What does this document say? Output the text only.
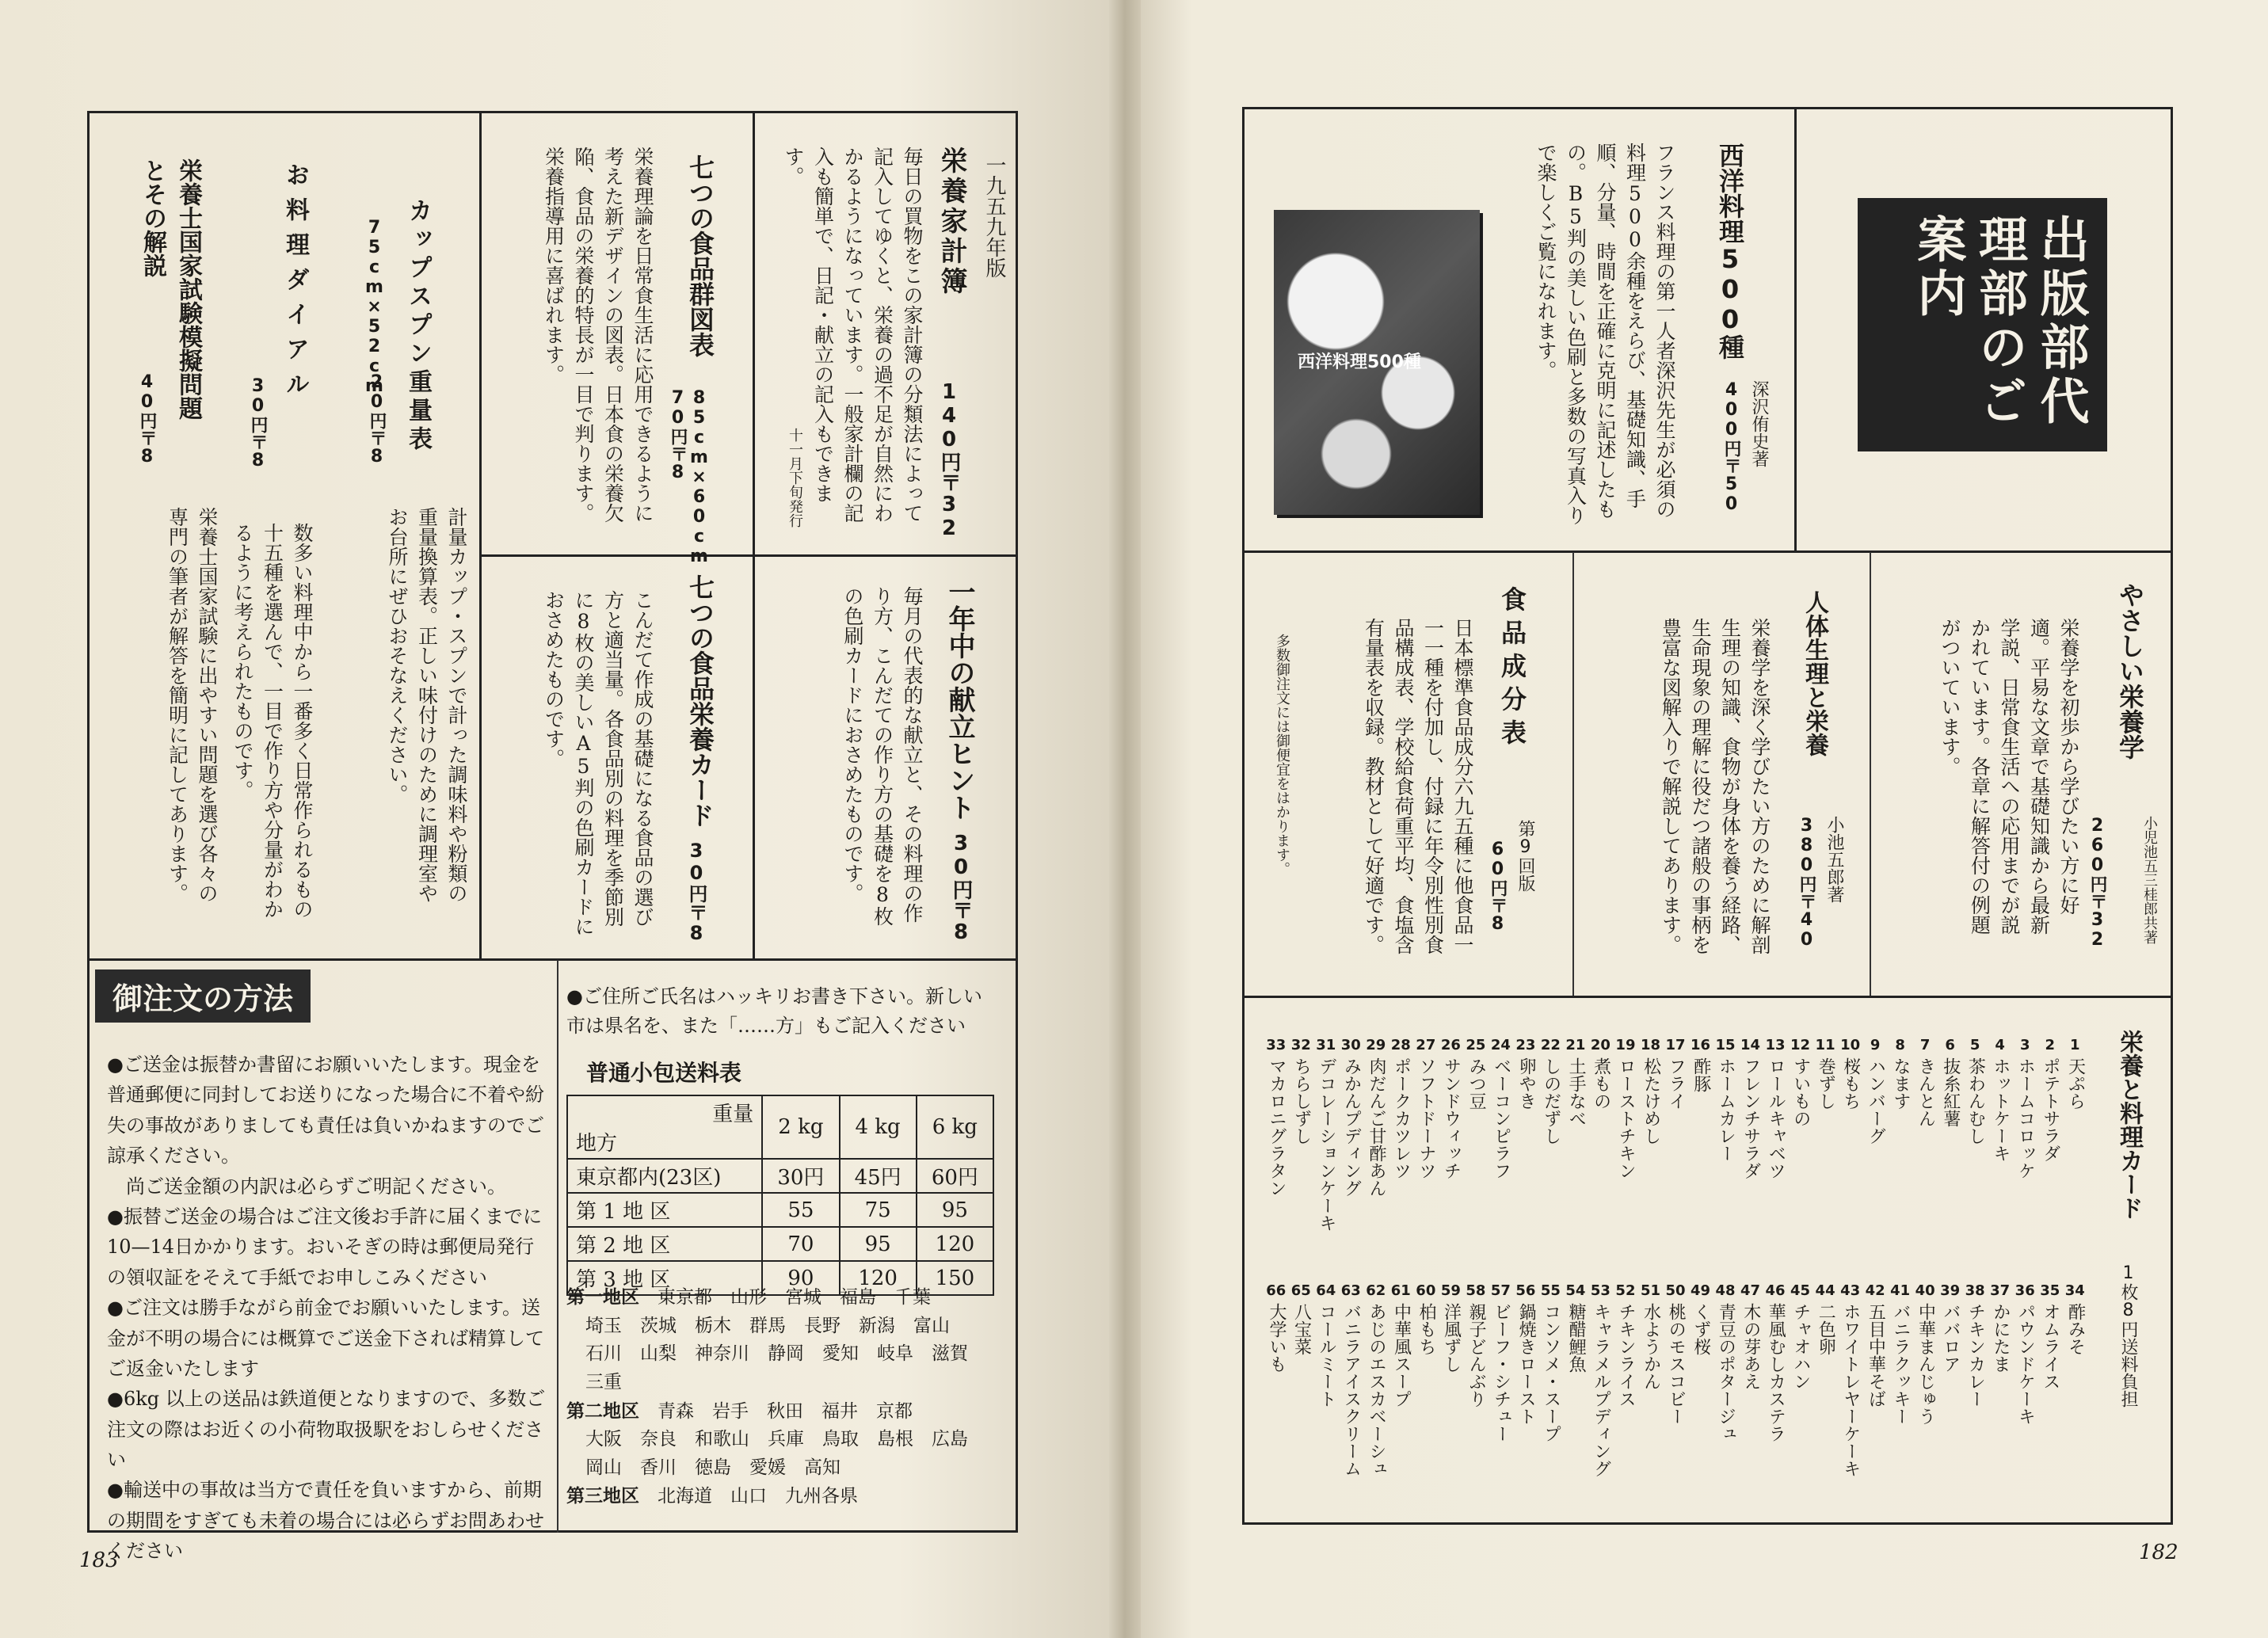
一九五九年版
栄養家計簿
140円〒32
毎日の買物をこの家計簿の分類法によって記入してゆくと、栄養の過不足が自然にわかるようになっています。一般家計欄の記入も簡単で、日記・献立の記入もできます。
十一月下旬発行
一年中の献立ヒント
30円〒8
毎月の代表的な献立と、その料理の作り方、こんだての作り方の基礎を8枚の色刷カードにおさめたものです。
七つの食品群図表
85cm×60cm
70円〒8
栄養理論を日常食生活に応用できるように考えた新デザインの図表。日本食の栄養欠陥、食品の栄養的特長が一目で判ります。栄養指導用に喜ばれます。
七つの食品栄養カード
30円〒8
こんだて作成の基礎になる食品の選び方と適当量。各食品別の料理を季節別に8枚の美しいA5判の色刷カードにおさめたものです。
カップスプン重量表
75cm×52cm
20円〒8
計量カップ・スプンで計った調味料や粉類の重量換算表。正しい味付けのために調理室やお台所にぜひおそなえください。
お料理ダイアル
30円〒8
数多い料理中から一番多く日常作られるもの十五種を選んで、一目で作り方や分量がわかるように考えられたものです。
栄養士国家試験模擬問題とその解説
40円〒8
栄養士国家試験に出やすい問題を選び各々の専門の筆者が解答を簡明に記してあります。
御注文の方法
●ご送金は振替か書留にお願いいたします。現金を普通郵便に同封してお送りになった場合に不着や紛失の事故がありましても責任は負いかねますのでご諒承ください。
　尚ご送金額の内訳は必らずご明記ください。
●振替ご送金の場合はご注文後お手許に届くまでに10—14日かかります。おいそぎの時は郵便局発行の領収証をそえて手紙でお申しこみください
●ご注文は勝手ながら前金でお願いいたします。送金が不明の場合には概算でご送金下されば精算してご返金いたします
●6kg 以上の送品は鉄道便となりますので、多数ご注文の際はお近くの小荷物取扱駅をおしらせください
●輸送中の事故は当方で責任を負いますから、前期の期間をすぎても未着の場合には必らずお問あわせください
●ご住所ご氏名はハッキリお書き下さい。新しい市は県名を、また「……方」もご記入ください
普通小包送料表
重量
地方	2 kg	4 kg	6 kg
東京都内(23区)	30円	45円	60円
第 1 地 区	55	75	95
第 2 地 区	70	95	120
第 3 地 区	90	120	150
第一地区　 東京都　山形　宮城　福島　千葉
埼玉　茨城　栃木　群馬　長野　新潟　富山
石川　山梨　神奈川　静岡　愛知　岐阜　滋賀
三重
第二地区　 青森　岩手　秋田　福井　京都
大阪　奈良　和歌山　兵庫　鳥取　島根　広島
岡山　香川　徳島　愛媛　高知
第三地区　 北海道　山口　九州各県
183
出版部代理部のご案内
西洋料理500種
深沢侑史著
400円〒50
フランス料理の第一人者深沢先生が必須の料理500余種をえらび、基礎知識、手順、分量、時間を正確に克明に記述したもの。B5判の美しい色刷と多数の写真入りで楽しくご覧になれます。
西洋料理500種
やさしい栄養学
小児池五三桂郎共著
260円〒32
栄養学を初歩から学びたい方に好適。平易な文章で基礎知識から最新学説、日常食生活への応用までが説かれています。各章に解答付の例題がついています。
人体生理と栄養
小池五郎著
380円〒40
栄養学を深く学びたい方のために解剖生理の知識、食物が身体を養う経路、生命現象の理解に役だつ諸般の事柄を豊富な図解入りで解説してあります。
食品成分表
第9回版
60円〒8
日本標準食品成分六九五種に他食品一一一種を付加し、付録に年令別性別食品構成表、学校給食荷重平均、食塩含有量表を収録。教材として好適です。
多数御注文には御便宜をはかります。
栄養と料理カード
1枚8円送料負担
1
天ぷら
2
ポテトサラダ
3
ホームコロッケ
4
ホットケーキ
5
茶わんむし
6
抜糸紅薯
7
きんとん
8
なます
9
ハンバーグ
10
桜もち
11
巻ずし
12
すいもの
13
ロールキャベツ
14
フレンチサラダ
15
ホームカレー
16
酢豚
17
フライ
18
松たけめし
19
ローストチキン
20
煮もの
21
土手なべ
22
しのだずし
23
卵やき
24
ベーコンピラフ
25
みつ豆
26
サンドウィッチ
27
ソフトドーナツ
28
ポークカツレツ
29
肉だんご甘酢あん
30
みかんプディング
31
デコレーションケーキ
32
ちらしずし
33
マカロニグラタン
34
酢みそ
35
オムライス
36
パウンドケーキ
37
かにたま
38
チキンカレー
39
ババロア
40
中華まんじゅう
41
バニラクッキー
42
五目中華そば
43
ホワイトレヤーケーキ
44
二色卵
45
チャオハン
46
華風むしカステラ
47
木の芽あえ
48
青豆のポタージュ
49
くず桜
50
桃のモスコビー
51
水ようかん
52
チキンライス
53
キャラメルプディング
54
糖醋鯉魚
55
コンソメ・スープ
56
鍋焼きロースト
57
ビーフ・シチュー
58
親子どんぶり
59
洋風ずし
60
柏もち
61
中華風スープ
62
あじのエスカベーシュ
63
バニラアイスクリーム
64
コールミート
65
八宝菜
66
大学いも
182
